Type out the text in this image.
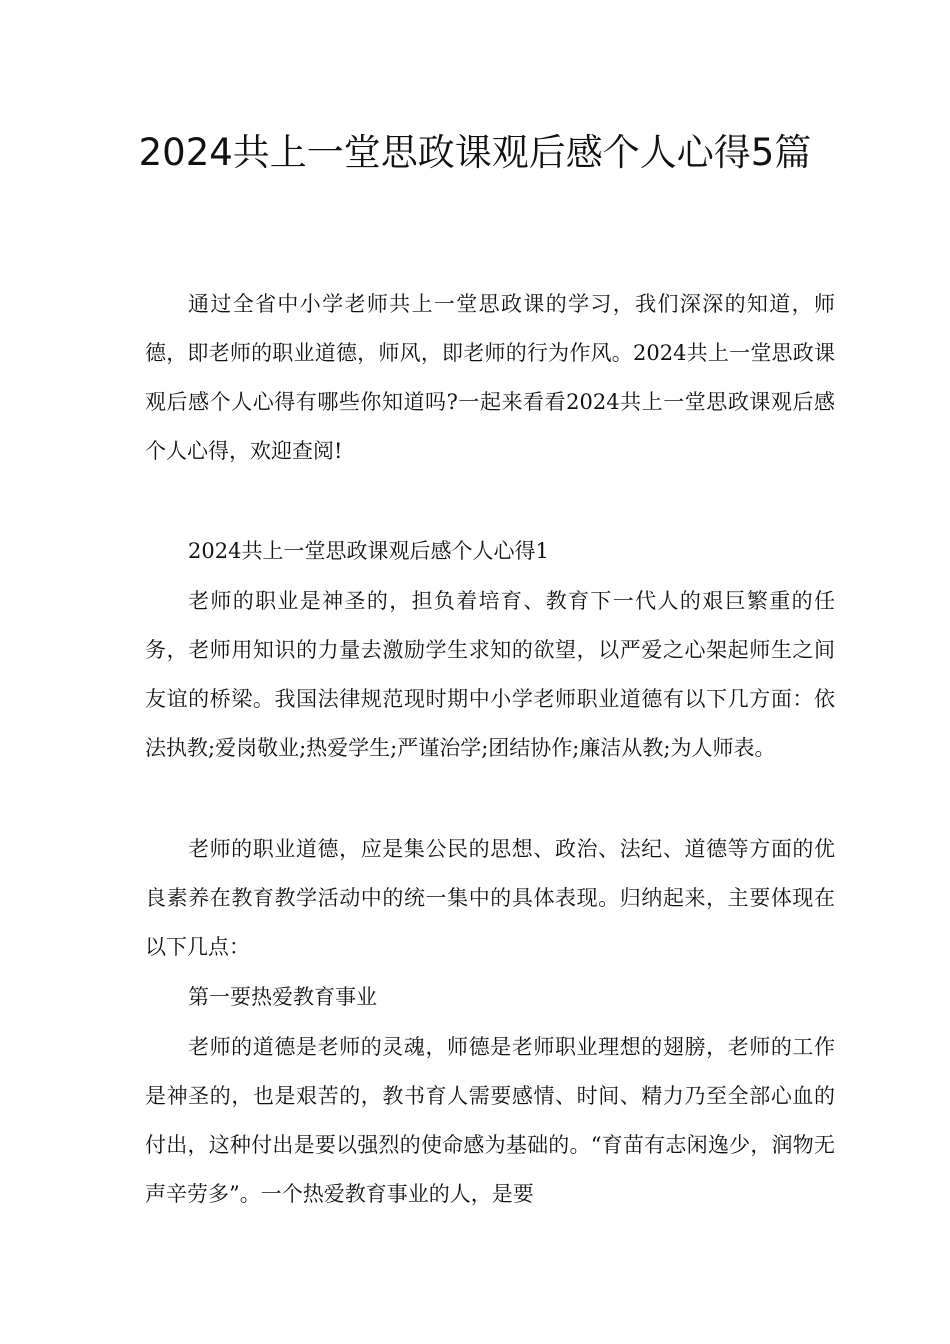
2024共上一堂思政课观后感个人心得5篇

通过全省中小学老师共上一堂思政课的学习，我们深深的知道，师德，即老师的职业道德，师风，即老师的行为作风。2024共上一堂思政课观后感个人心得有哪些你知道吗?一起来看看2024共上一堂思政课观后感个人心得，欢迎查阅!

2024共上一堂思政课观后感个人心得1

老师的职业是神圣的，担负着培育、教育下一代人的艰巨繁重的任务，老师用知识的力量去激励学生求知的欲望，以严爱之心架起师生之间友谊的桥梁。我国法律规范现时期中小学老师职业道德有以下几方面：依法执教;爱岗敬业;热爱学生;严谨治学;团结协作;廉洁从教;为人师表。

老师的职业道德，应是集公民的思想、政治、法纪、道德等方面的优良素养在教育教学活动中的统一集中的具体表现。归纳起来，主要体现在以下几点：

第一要热爱教育事业

老师的道德是老师的灵魂，师德是老师职业理想的翅膀，老师的工作是神圣的，也是艰苦的，教书育人需要感情、时间、精力乃至全部心血的付出，这种付出是要以强烈的使命感为基础的。“育苗有志闲逸少，润物无声辛劳多”。一个热爱教育事业的人，是要
